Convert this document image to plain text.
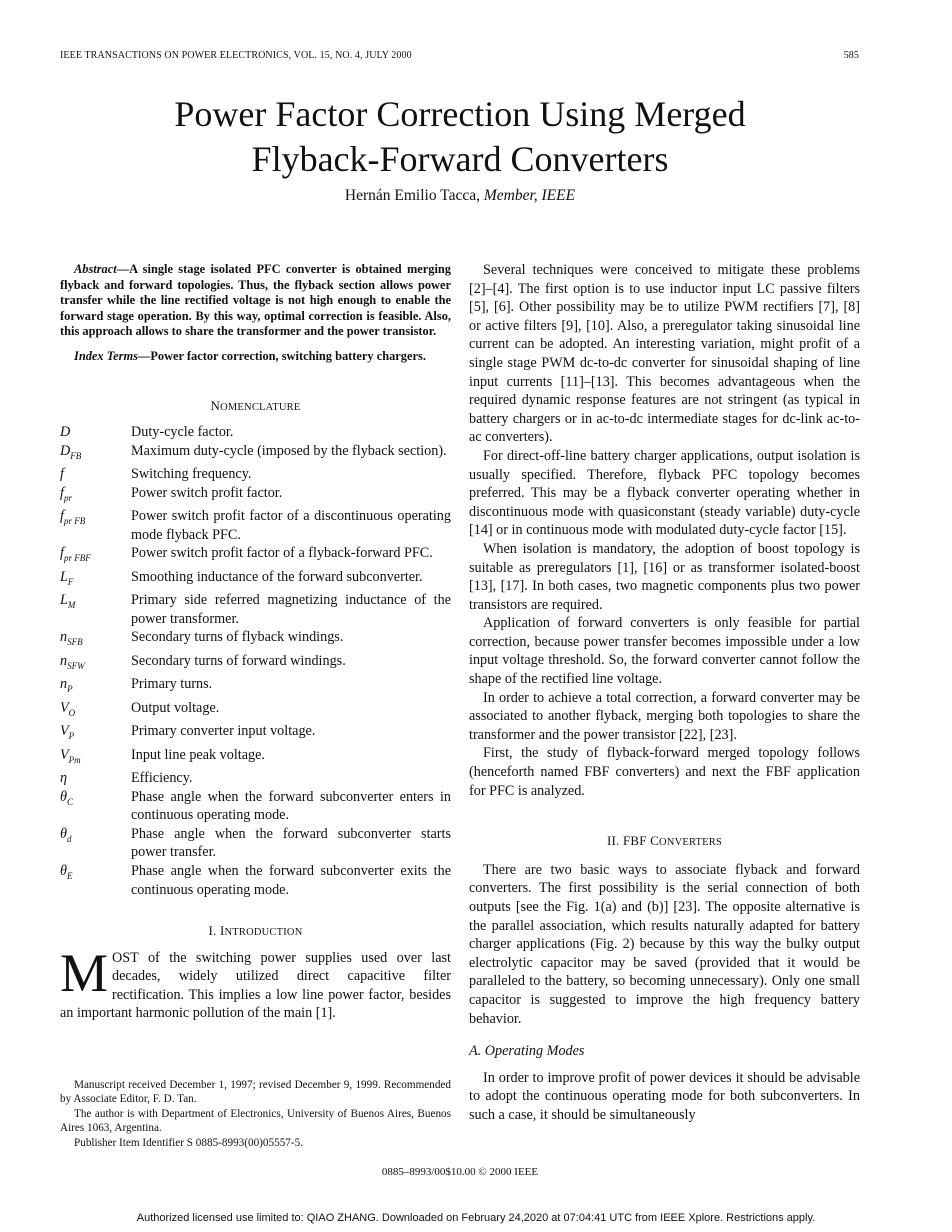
IEEE TRANSACTIONS ON POWER ELECTRONICS, VOL. 15, NO. 4, JULY 2000	585
Power Factor Correction Using Merged
Flyback-Forward Converters
Hernán Emilio Tacca, Member, IEEE

Abstract—A single stage isolated PFC converter is obtained merging flyback and forward topologies. Thus, the flyback section allows power transfer while the line rectified voltage is not high enough to enable the forward stage operation. By this way, optimal correction is feasible. Also, this approach allows to share the transformer and the power transistor.

Index Terms—Power factor correction, switching battery chargers.

NOMENCLATURE
D	Duty-cycle factor.
$D_{FB}$	Maximum duty-cycle (imposed by the flyback section).
f	Switching frequency.
$f_{pr}$	Power switch profit factor.
$f_{pr FB}$	Power switch profit factor of a discontinuous operating mode flyback PFC.
$f_{pr FBF}$	Power switch profit factor of a flyback-forward PFC.
$L_F$	Smoothing inductance of the forward subconverter.
$L_M$	Primary side referred magnetizing inductance of the power transformer.
$n_{SFB}$	Secondary turns of flyback windings.
$n_{SFW}$	Secondary turns of forward windings.
$n_P$	Primary turns.
$V_O$	Output voltage.
$V_P$	Primary converter input voltage.
$V_{Pm}$	Input line peak voltage.
η	Efficiency.
$\theta_C$	Phase angle when the forward subconverter enters in continuous operating mode.
$\theta_d$	Phase angle when the forward subconverter starts power transfer.
$\theta_E$	Phase angle when the forward subconverter exits the continuous operating mode.
I. INTRODUCTION

MOST of the switching power supplies used over last decades, widely utilized direct capacitive filter rectification. This implies a low line power factor, besides an important harmonic pollution of the main [1].

Manuscript received December 1, 1997; revised December 9, 1999. Recommended by Associate Editor, F. D. Tan.

The author is with Department of Electronics, University of Buenos Aires, Buenos Aires 1063, Argentina.

Publisher Item Identifier S 0885-8993(00)05557-5.

Several techniques were conceived to mitigate these problems [2]–[4]. The first option is to use inductor input LC passive filters [5], [6]. Other possibility may be to utilize PWM rectifiers [7], [8] or active filters [9], [10]. Also, a preregulator taking sinusoidal line current can be adopted. An interesting variation, might profit of a single stage PWM dc-to-dc converter for sinusoidal shaping of line input currents [11]–[13]. This becomes advantageous when the required dynamic response features are not stringent (as typical in battery chargers or in ac-to-dc intermediate stages for dc-link ac-to-ac converters).

For direct-off-line battery charger applications, output isolation is usually specified. Therefore, flyback PFC topology becomes preferred. This may be a flyback converter operating whether in discontinuous mode with quasiconstant (steady variable) duty-cycle [14] or in continuous mode with modulated duty-cycle factor [15].

When isolation is mandatory, the adoption of boost topology is suitable as preregulators [1], [16] or as transformer isolated-boost [13], [17]. In both cases, two magnetic components plus two power transistors are required.

Application of forward converters is only feasible for partial correction, because power transfer becomes impossible under a low input voltage threshold. So, the forward converter cannot follow the shape of the rectified line voltage.

In order to achieve a total correction, a forward converter may be associated to another flyback, merging both topologies to share the transformer and the power transistor [22], [23].

First, the study of flyback-forward merged topology follows (henceforth named FBF converters) and next the FBF application for PFC is analyzed.

II. FBF CONVERTERS

There are two basic ways to associate flyback and forward converters. The first possibility is the serial connection of both outputs [see the Fig. 1(a) and (b)] [23]. The opposite alternative is the parallel association, which results naturally adapted for battery charger applications (Fig. 2) because by this way the bulky output electrolytic capacitor may be saved (provided that it would be paralleled to the battery, so becoming unnecessary). Only one small capacitor is suggested to improve the high frequency battery behavior.

A. Operating Modes

In order to improve profit of power devices it should be advisable to adopt the continuous operating mode for both subconverters. In such a case, it should be simultaneously

0885–8993/00$10.00 © 2000 IEEE
Authorized licensed use limited to: QIAO ZHANG. Downloaded on February 24,2020 at 07:04:41 UTC from IEEE Xplore. Restrictions apply.
